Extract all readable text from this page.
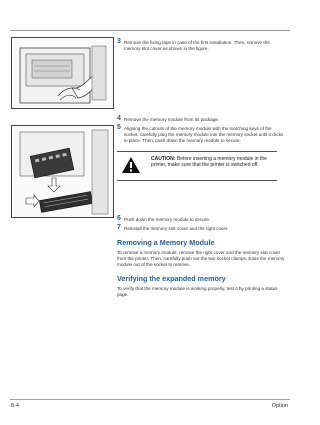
3 Remove the fixing tape in case of the first installation. Then, remove the memory slot cover as shown in the figure.
4 Remove the memory module from its package.
5 Aligning the cutouts of the memory module with the matching keys of the socket, carefully plug the memory module into the memory socket until it clicks in place. Then, push down the memory module to secure.
CAUTION: Before inserting a memory module in the printer, make sure that the printer is switched off.
6 Push down the memory module to secure.
7 Reinstall the memory slot cover and the right cover.
Removing a Memory Module
To remove a memory module, remove the right cover and the memory slot cover from the printer. Then, carefully push out the two socket clamps. Ease the memory module out of the socket to remove.
Verifying the expanded memory
To verify that the memory module is working properly, test it by printing a status page.
8-4	Option
